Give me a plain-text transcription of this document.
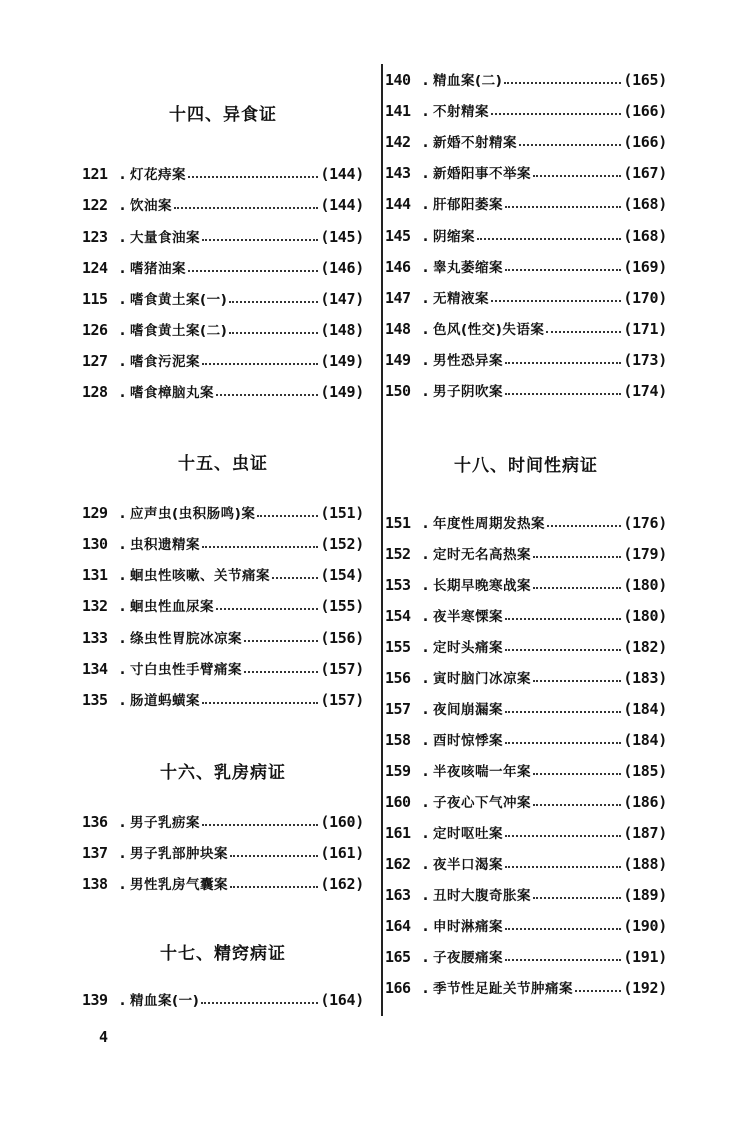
十四、异食证
121 . 灯花痔案	(144)
122 . 饮油案	(144)
123 . 大量食油案	(145)
124 . 嗜猪油案	(146)
115 . 嗜食黄土案(一)	(147)
126 . 嗜食黄土案(二)	(148)
127 . 嗜食污泥案	(149)
128 . 嗜食樟脑丸案	(149)
十五、虫证
129 . 应声虫(虫积肠鸣)案	(151)
130 . 虫积遗精案	(152)
131 . 蛔虫性咳嗽、关节痛案	(154)
132 . 蛔虫性血尿案	(155)
133 . 绦虫性胃脘冰凉案	(156)
134 . 寸白虫性手臂痛案	(157)
135 . 肠道蚂蟥案	(157)
十六、乳房病证
136 . 男子乳疬案	(160)
137 . 男子乳部肿块案	(161)
138 . 男性乳房气囊案	(162)
十七、精窍病证
139 . 精血案(一)	(164)
140 . 精血案(二)	(165)
141 . 不射精案	(166)
142 . 新婚不射精案	(166)
143 . 新婚阳事不举案	(167)
144 . 肝郁阳萎案	(168)
145 . 阴缩案	(168)
146 . 睾丸萎缩案	(169)
147 . 无精液案	(170)
148 . 色风(性交)失语案	(171)
149 . 男性恐异案	(173)
150 . 男子阴吹案	(174)
十八、时间性病证
151 . 年度性周期发热案	(176)
152 . 定时无名高热案	(179)
153 . 长期早晚寒战案	(180)
154 . 夜半寒慄案	(180)
155 . 定时头痛案	(182)
156 . 寅时脑门冰凉案	(183)
157 . 夜间崩漏案	(184)
158 . 酉时惊悸案	(184)
159 . 半夜咳喘一年案	(185)
160 . 子夜心下气冲案	(186)
161 . 定时呕吐案	(187)
162 . 夜半口渴案	(188)
163 . 丑时大腹奇胀案	(189)
164 . 申时淋痛案	(190)
165 . 子夜腰痛案	(191)
166 . 季节性足趾关节肿痛案	(192)
4
